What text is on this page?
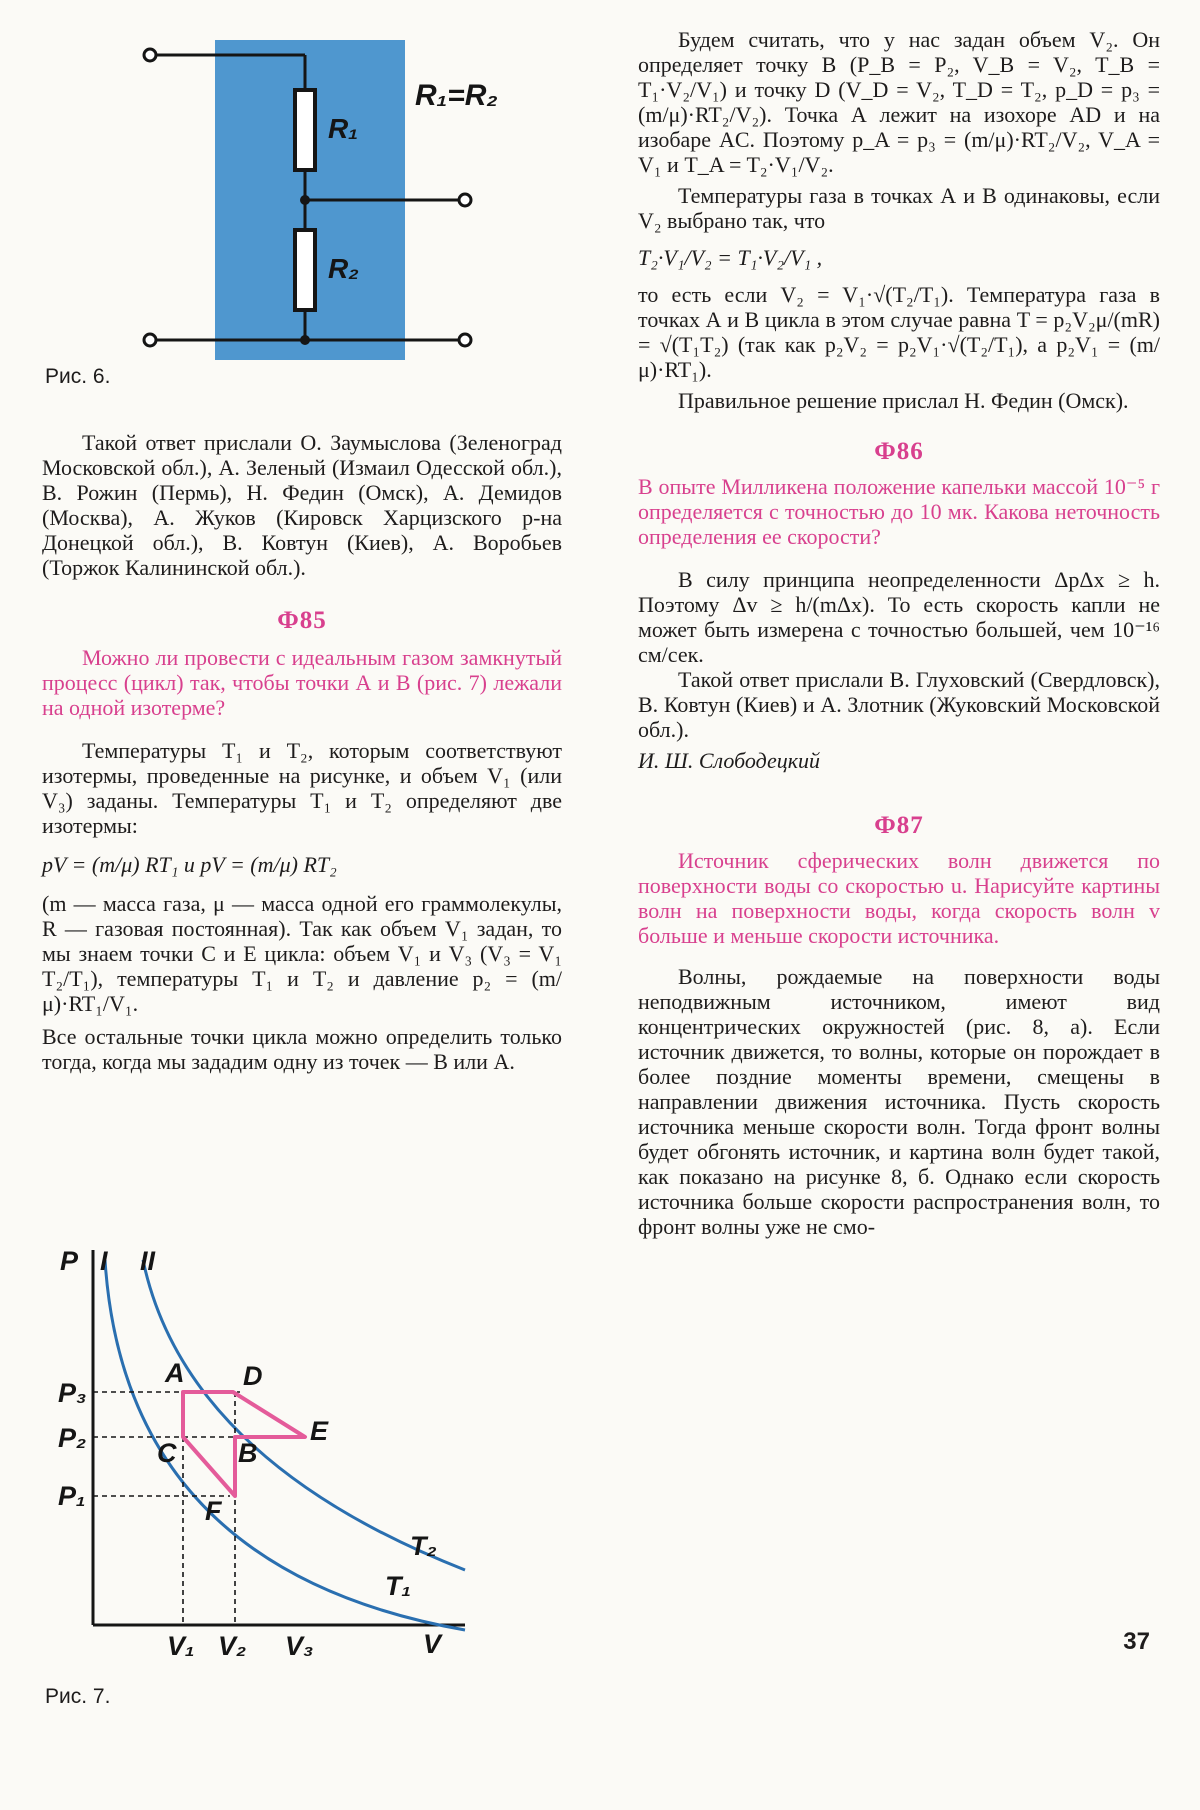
R₁
R₂
R₁=R₂
Рис. 6.

Такой ответ прислали О. Заумыслова (Зеленоград Московской обл.), А. Зеленый (Измаил Одесской обл.), В. Рожин (Пермь), Н. Федин (Омск), А. Демидов (Москва), А. Жуков (Кировск Харцизского р-на Донецкой обл.), В. Ковтун (Киев), А. Воробьев (Торжок Калининской обл.).

Ф85

Можно ли провести с идеальным газом замкнутый процесс (цикл) так, чтобы точки А и В (рис. 7) лежали на одной изотерме?

Температуры T₁ и T₂, которым соответствуют изотермы, проведенные на рисунке, и объем V₁ (или V₃) заданы. Температуры T₁ и T₂ определяют две изотермы:

pV = (m/μ) RT₁ и pV = (m/μ) RT₂

(m — масса газа, μ — масса одной его граммолекулы, R — газовая постоянная). Так как объем V₁ задан, то мы знаем точки С и E цикла: объем V₁ и V₃ (V₃ = V₁ T₂/T₁), температуры T₁ и T₂ и давление p₂ = (m/μ)·RT₁/V₁.

Все остальные точки цикла можно определить только тогда, когда мы зададим одну из точек — В или А.

P I II
P₃
P₂
P₁
A D
E
C B
F
T₂
T₁
V₁ V₂ V₃	V
Рис. 7.

Будем считать, что у нас задан объем V₂. Он определяет точку В (P_B = P₂, V_B = V₂, T_B = T₁·V₂/V₁) и точку D (V_D = V₂, T_D = T₂, p_D = p₃ = (m/μ)·RT₂/V₂). Точка А лежит на изохоре AD и на изобаре AC. Поэтому p_A = p₃ = (m/μ)·RT₂/V₂, V_A = V₁ и T_A = T₂·V₁/V₂.

Температуры газа в точках А и В одинаковы, если V₂ выбрано так, что

T₂·V₁/V₂ = T₁·V₂/V₁ ,

то есть если V₂ = V₁·√(T₂/T₁). Температура газа в точках А и В цикла в этом случае равна T = p₂V₂μ/(mR) = √(T₁T₂) (так как p₂V₂ = p₂V₁·√(T₂/T₁), а p₂V₁ = (m/μ)·RT₁).

Правильное решение прислал Н. Федин (Омск).

Ф86

В опыте Милликена положение капельки массой 10⁻⁵ г определяется с точностью до 10 мк. Какова неточность определения ее скорости?

В силу принципа неопределенности ΔpΔx ≥ h. Поэтому Δv ≥ h/(mΔx). То есть скорость капли не может быть измерена с точностью большей, чем 10⁻¹⁶ см/сек.

Такой ответ прислали В. Глуховский (Свердловск), В. Ковтун (Киев) и А. Злотник (Жуковский Московской обл.).

И. Ш. Слободецкий

Ф87

Источник сферических волн движется по поверхности воды со скоростью u. Нарисуйте картины волн на поверхности воды, когда скорость волн v больше и меньше скорости источника.

Волны, рождаемые на поверхности воды неподвижным источником, имеют вид концентрических окружностей (рис. 8, а). Если источник движется, то волны, которые он порождает в более поздние моменты времени, смещены в направлении движения источника. Пусть скорость источника меньше скорости волн. Тогда фронт волны будет обгонять источник, и картина волн будет такой, как показано на рисунке 8, б. Однако если скорость источника больше скорости распространения волн, то фронт волны уже не смо-

37
